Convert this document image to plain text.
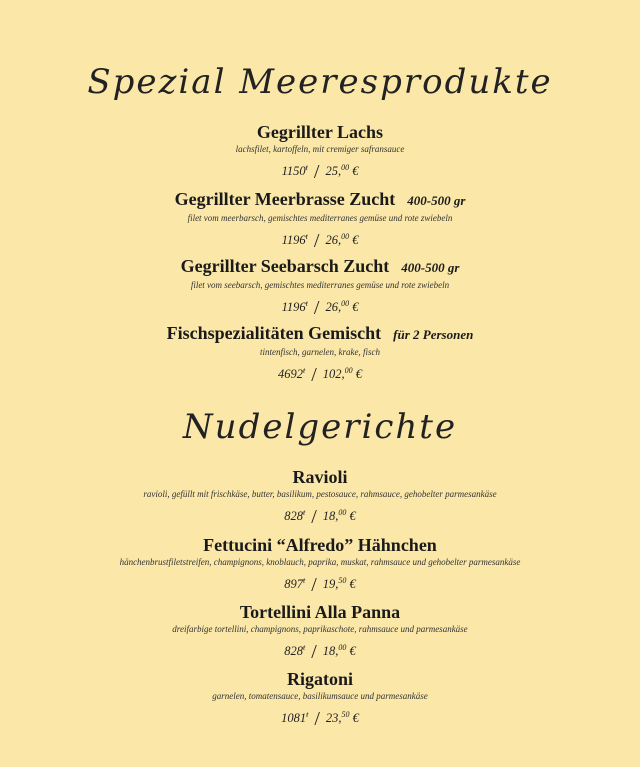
Spezial Meeresprodukte
Gegrillter Lachs
lachsfilet, kartoffeln, mit cremiger safransauce
$1150^ŧ / 25,00$ €
Gegrillter Meerbrasse Zucht 400-500 gr
filet vom meerbarsch, gemischtes mediterranes gemüse und rote zwiebeln
$1196^ŧ / 26,00$ €
Gegrillter Seebarsch Zucht 400-500 gr
filet vom seebarsch, gemischtes mediterranes gemüse und rote zwiebeln
$1196^ŧ / 26,00$ €
Fischspezialitäten Gemischt für 2 Personen
tintenfisch, garnelen, krake, fisch
$4692^ŧ / 102,00$ €
Nudelgerichte
Ravioli
ravioli, gefüllt mit frischkäse, butter, basilikum, pestosauce, rahmsauce, gehobelter parmesankäse
$828^ŧ / 18,00$ €
Fettucini “Alfredo” Hähnchen
hänchenbrustfiletstreifen, champignons, knoblauch, paprika, muskat, rahmsauce und gehobelter parmesankäse
$897^ŧ / 19,50$ €
Tortellini Alla Panna
dreifarbige tortellini, champignons, paprikaschote, rahmsauce und parmesankäse
$828^ŧ / 18,00$ €
Rigatoni
garnelen, tomatensauce, basilikumsauce und parmesankäse
$1081^ŧ / 23,50$ €
